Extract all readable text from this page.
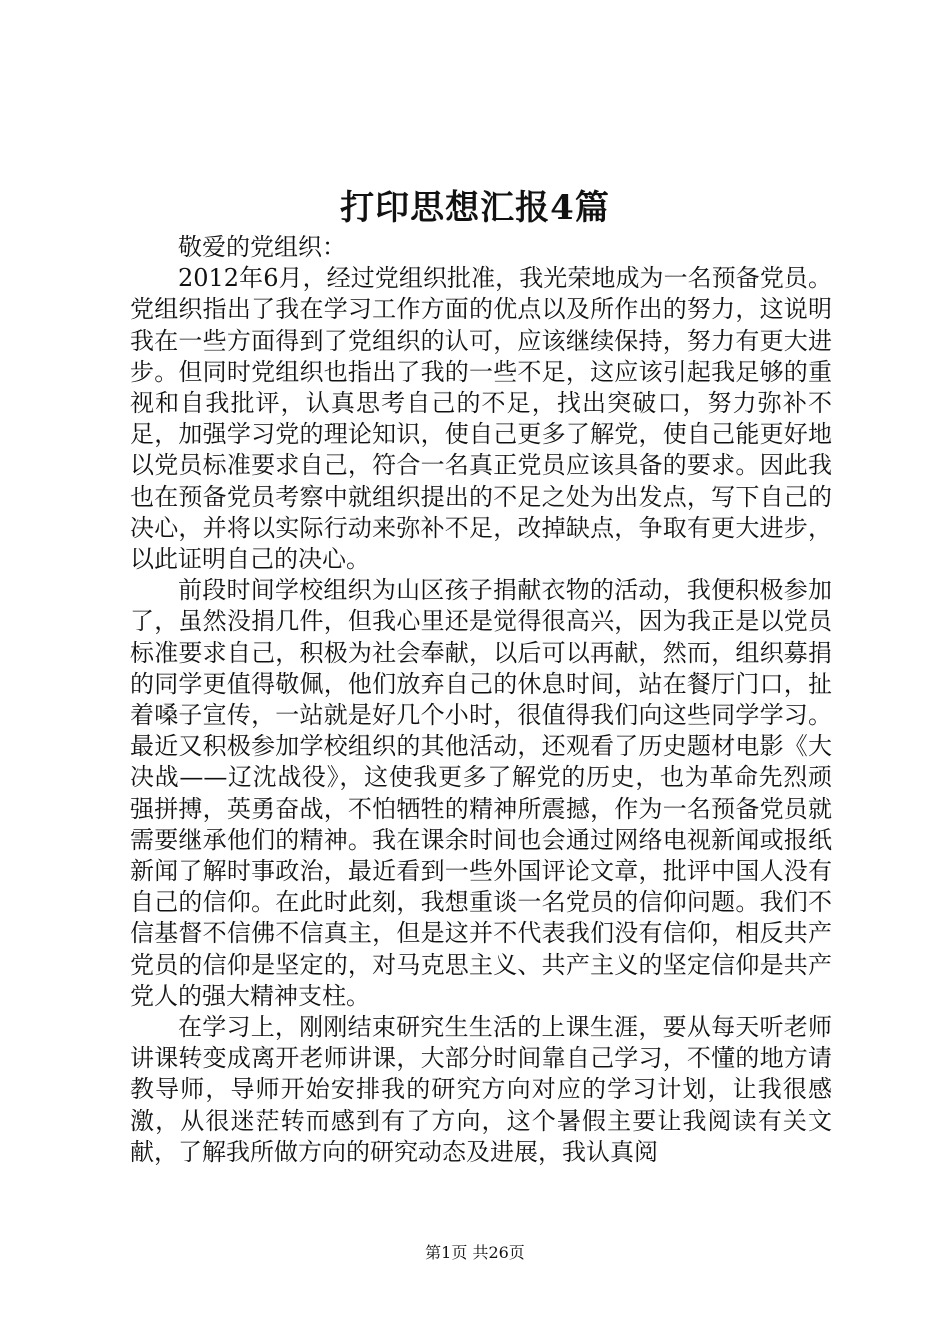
打印思想汇报4篇

敬爱的党组织：

2012年6月，经过党组织批准，我光荣地成为一名预备党员。党组织指出了我在学习工作方面的优点以及所作出的努力，这说明我在一些方面得到了党组织的认可，应该继续保持，努力有更大进步。但同时党组织也指出了我的一些不足，这应该引起我足够的重视和自我批评，认真思考自己的不足，找出突破口，努力弥补不足，加强学习党的理论知识，使自己更多了解党，使自己能更好地以党员标准要求自己，符合一名真正党员应该具备的要求。因此我也在预备党员考察中就组织提出的不足之处为出发点，写下自己的决心，并将以实际行动来弥补不足，改掉缺点，争取有更大进步，以此证明自己的决心。

前段时间学校组织为山区孩子捐献衣物的活动，我便积极参加了，虽然没捐几件，但我心里还是觉得很高兴，因为我正是以党员标准要求自己，积极为社会奉献，以后可以再献，然而，组织募捐的同学更值得敬佩，他们放弃自己的休息时间，站在餐厅门口，扯着嗓子宣传，一站就是好几个小时，很值得我们向这些同学学习。最近又积极参加学校组织的其他活动，还观看了历史题材电影《大决战——辽沈战役》，这使我更多了解党的历史，也为革命先烈顽强拼搏，英勇奋战，不怕牺牲的精神所震撼，作为一名预备党员就需要继承他们的精神。我在课余时间也会通过网络电视新闻或报纸新闻了解时事政治，最近看到一些外国评论文章，批评中国人没有自己的信仰。在此时此刻，我想重谈一名党员的信仰问题。我们不信基督不信佛不信真主，但是这并不代表我们没有信仰，相反共产党员的信仰是坚定的，对马克思主义、共产主义的坚定信仰是共产党人的强大精神支柱。

在学习上，刚刚结束研究生生活的上课生涯，要从每天听老师讲课转变成离开老师讲课，大部分时间靠自己学习，不懂的地方请教导师，导师开始安排我的研究方向对应的学习计划，让我很感激，从很迷茫转而感到有了方向，这个暑假主要让我阅读有关文献，了解我所做方向的研究动态及进展，我认真阅

第1页 共26页
